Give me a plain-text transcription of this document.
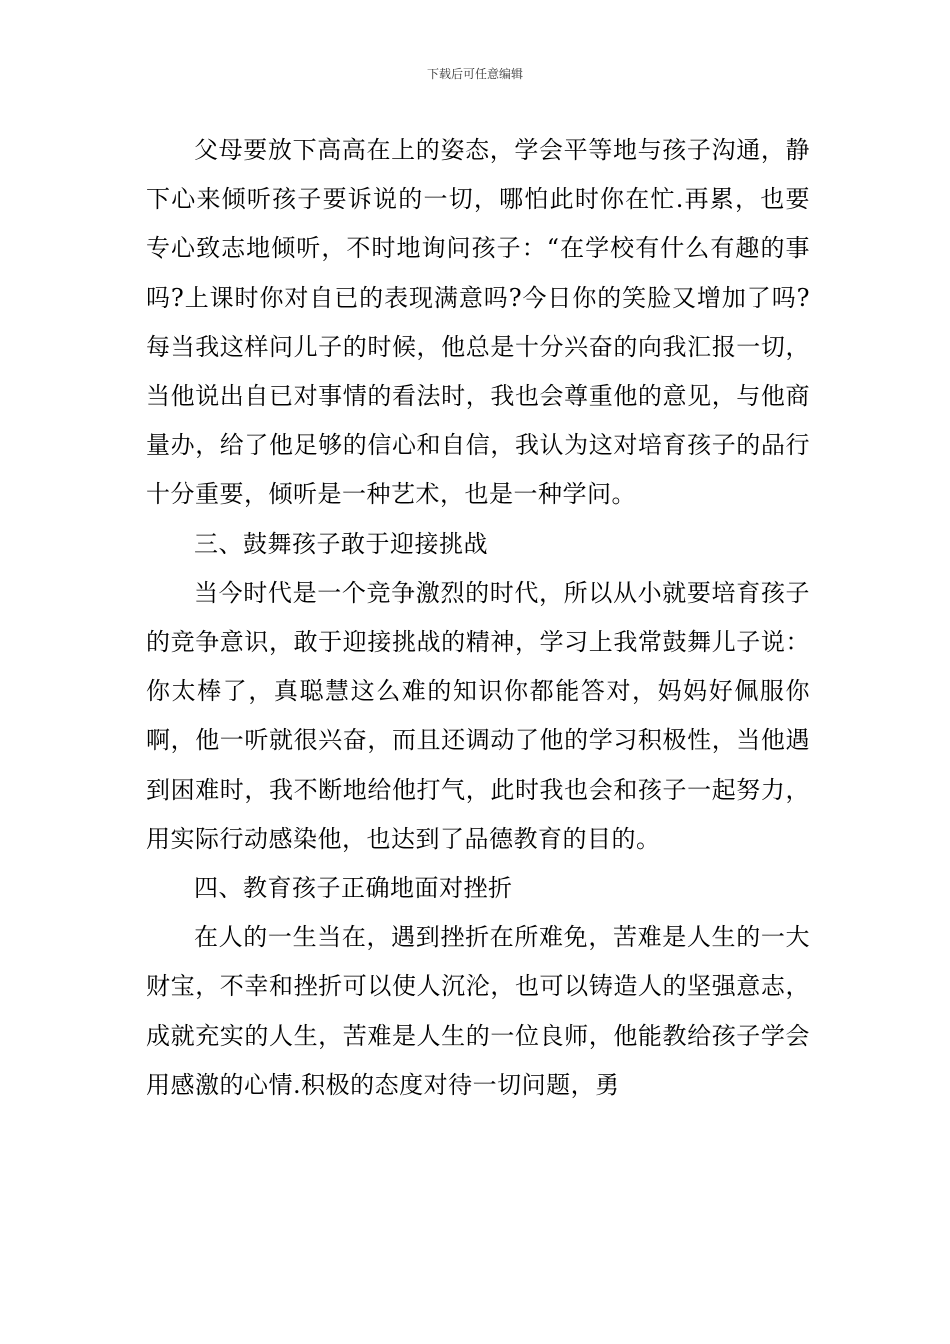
下载后可任意编辑

父母要放下高高在上的姿态，学会平等地与孩子沟通，静下心来倾听孩子要诉说的一切，哪怕此时你在忙.再累，也要专心致志地倾听，不时地询问孩子：“在学校有什么有趣的事吗?上课时你对自已的表现满意吗?今日你的笑脸又增加了吗?每当我这样问儿子的时候，他总是十分兴奋的向我汇报一切，当他说出自已对事情的看法时，我也会尊重他的意见，与他商量办，给了他足够的信心和自信，我认为这对培育孩子的品行十分重要，倾听是一种艺术，也是一种学问。

三、鼓舞孩子敢于迎接挑战

当今时代是一个竞争激烈的时代，所以从小就要培育孩子的竞争意识，敢于迎接挑战的精神，学习上我常鼓舞儿子说：你太棒了，真聪慧这么难的知识你都能答对，妈妈好佩服你啊，他一听就很兴奋，而且还调动了他的学习积极性，当他遇到困难时，我不断地给他打气，此时我也会和孩子一起努力，用实际行动感染他，也达到了品德教育的目的。

四、教育孩子正确地面对挫折

在人的一生当在，遇到挫折在所难免，苦难是人生的一大财宝，不幸和挫折可以使人沉沦，也可以铸造人的坚强意志，成就充实的人生，苦难是人生的一位良师，他能教给孩子学会用感激的心情.积极的态度对待一切问题，勇
